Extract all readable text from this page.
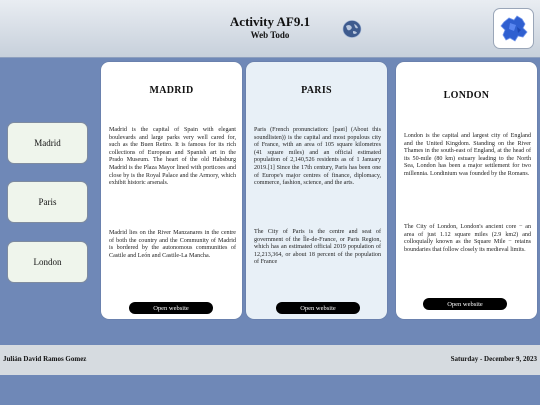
Activity AF9.1
Web Todo
Madrid
Paris
London
MADRID

Madrid is the capital of Spain with elegant boulevards and large parks very well cared for, such as the Buen Retiro. It is famous for its rich collections of European and Spanish art in the Prado Museum. The heart of the old Habsburg Madrid is the Plaza Mayor lined with porticoes and close by is the Royal Palace and the Armory, which exhibit historic arsenals.

Madrid lies on the River Manzanares in the centre of both the country and the Community of Madrid is bordered by the autonomous communities of Castile and León and Castile-La Mancha.

Open website
PARIS

Paris (French pronunciation: [paʁi] (About this soundlisten)) is the capital and most populous city of France, with an area of 105 square kilometres (41 square miles) and an official estimated population of 2,140,526 residents as of 1 January 2019.[1] Since the 17th century, Paris has been one of Europe's major centres of finance, diplomacy, commerce, fashion, science, and the arts.

The City of Paris is the centre and seat of government of the Île-de-France, or Paris Region, which has an estimated official 2019 population of 12,213,364, or about 18 percent of the population of France

Open website
LONDON

London is the capital and largest city of England and the United Kingdom. Standing on the River Thames in the south-east of England, at the head of its 50-mile (80 km) estuary leading to the North Sea, London has been a major settlement for two millennia. Londinium was founded by the Romans.

The City of London, London's ancient core − an area of just 1.12 square miles (2.9 km2) and colloquially known as the Square Mile − retains boundaries that follow closely its medieval limits.

Open website
Julián David Ramos Gomez	Saturday - December 9, 2023
